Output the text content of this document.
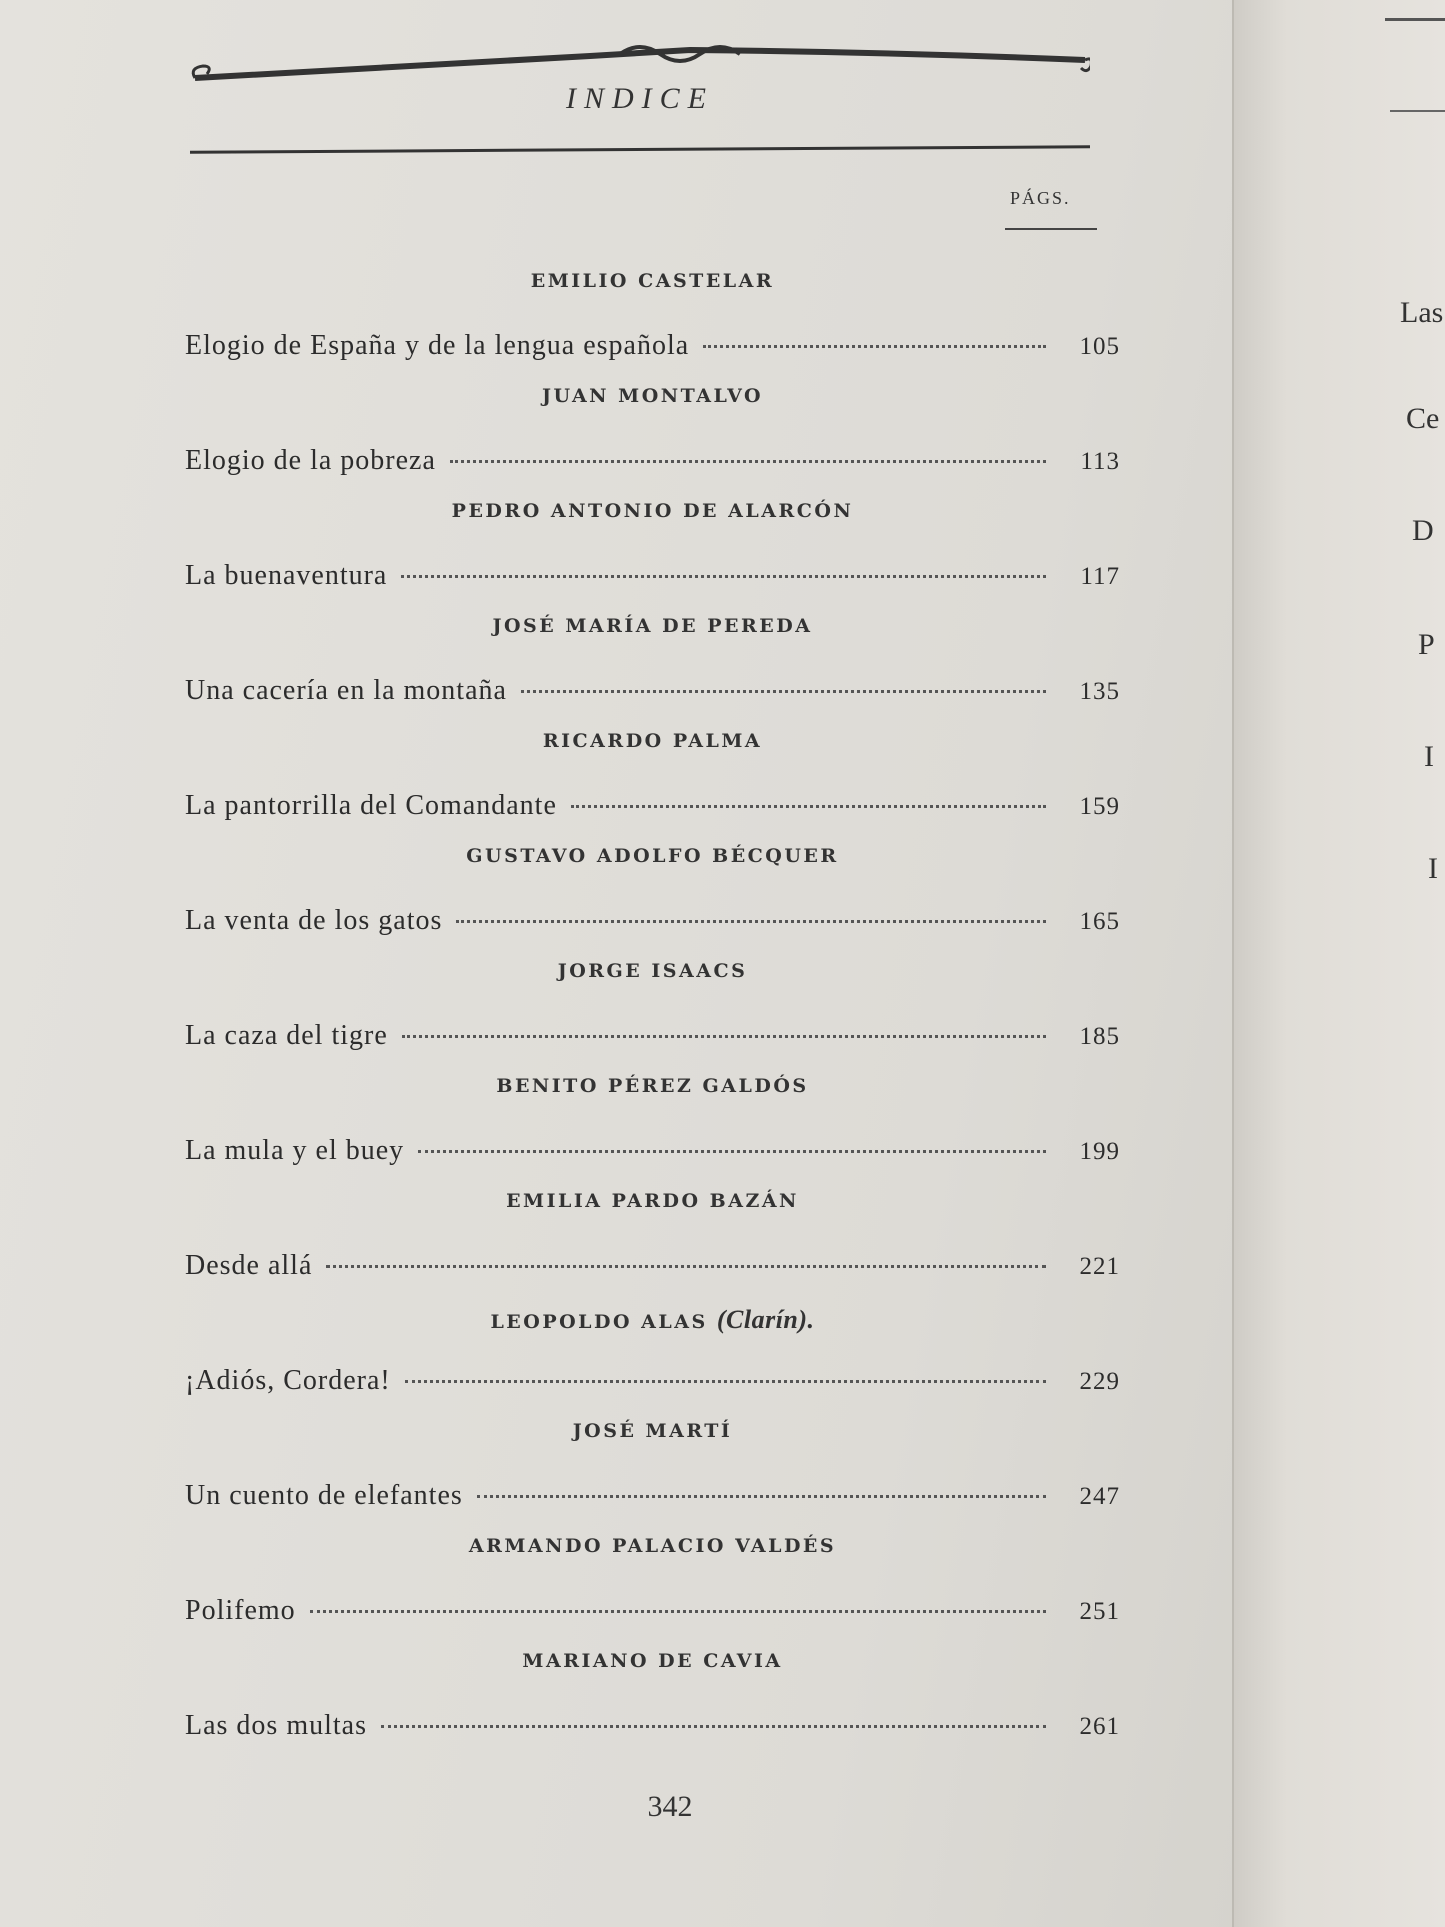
INDICE
PÁGS.
EMILIO CASTELAR
Elogio de España y de la lengua española	105
JUAN MONTALVO
Elogio de la pobreza	113
PEDRO ANTONIO DE ALARCÓN
La buenaventura	117
JOSÉ MARÍA DE PEREDA
Una cacería en la montaña	135
RICARDO PALMA
La pantorrilla del Comandante	159
GUSTAVO ADOLFO BÉCQUER
La venta de los gatos	165
JORGE ISAACS
La caza del tigre	185
BENITO PÉREZ GALDÓS
La mula y el buey	199
EMILIA PARDO BAZÁN
Desde allá	221
LEOPOLDO ALAS (Clarín).
¡Adiós, Cordera!	229
JOSÉ MARTÍ
Un cuento de elefantes	247
ARMANDO PALACIO VALDÉS
Polifemo	251
MARIANO DE CAVIA
Las dos multas	261
342
Las
Ce
D
P
I
I
